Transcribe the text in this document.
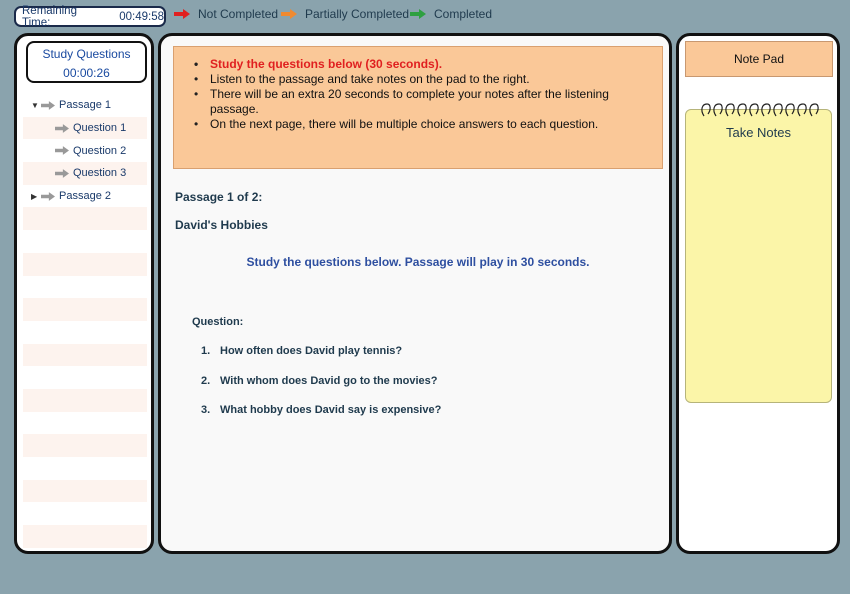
Remaining Time:	00:49:58	Not Completed Partially Completed Completed
Study Questions
00:00:26
▼ Passage 1
Question 1
Question 2
Question 3
▶	Passage 2
• Study the questions below (30 seconds).
• Listen to the passage and take notes on the pad to the right.
• There will be an extra 20 seconds to complete your notes after the listening passage.
• On the next page, there will be multiple choice answers to each question.
Passage 1 of 2:
David's Hobbies
Study the questions below. Passage will play in 30 seconds.
Question:
1. How often does David play tennis?
2. With whom does David go to the movies?
3. What hobby does David say is expensive?
Note Pad
Take Notes
